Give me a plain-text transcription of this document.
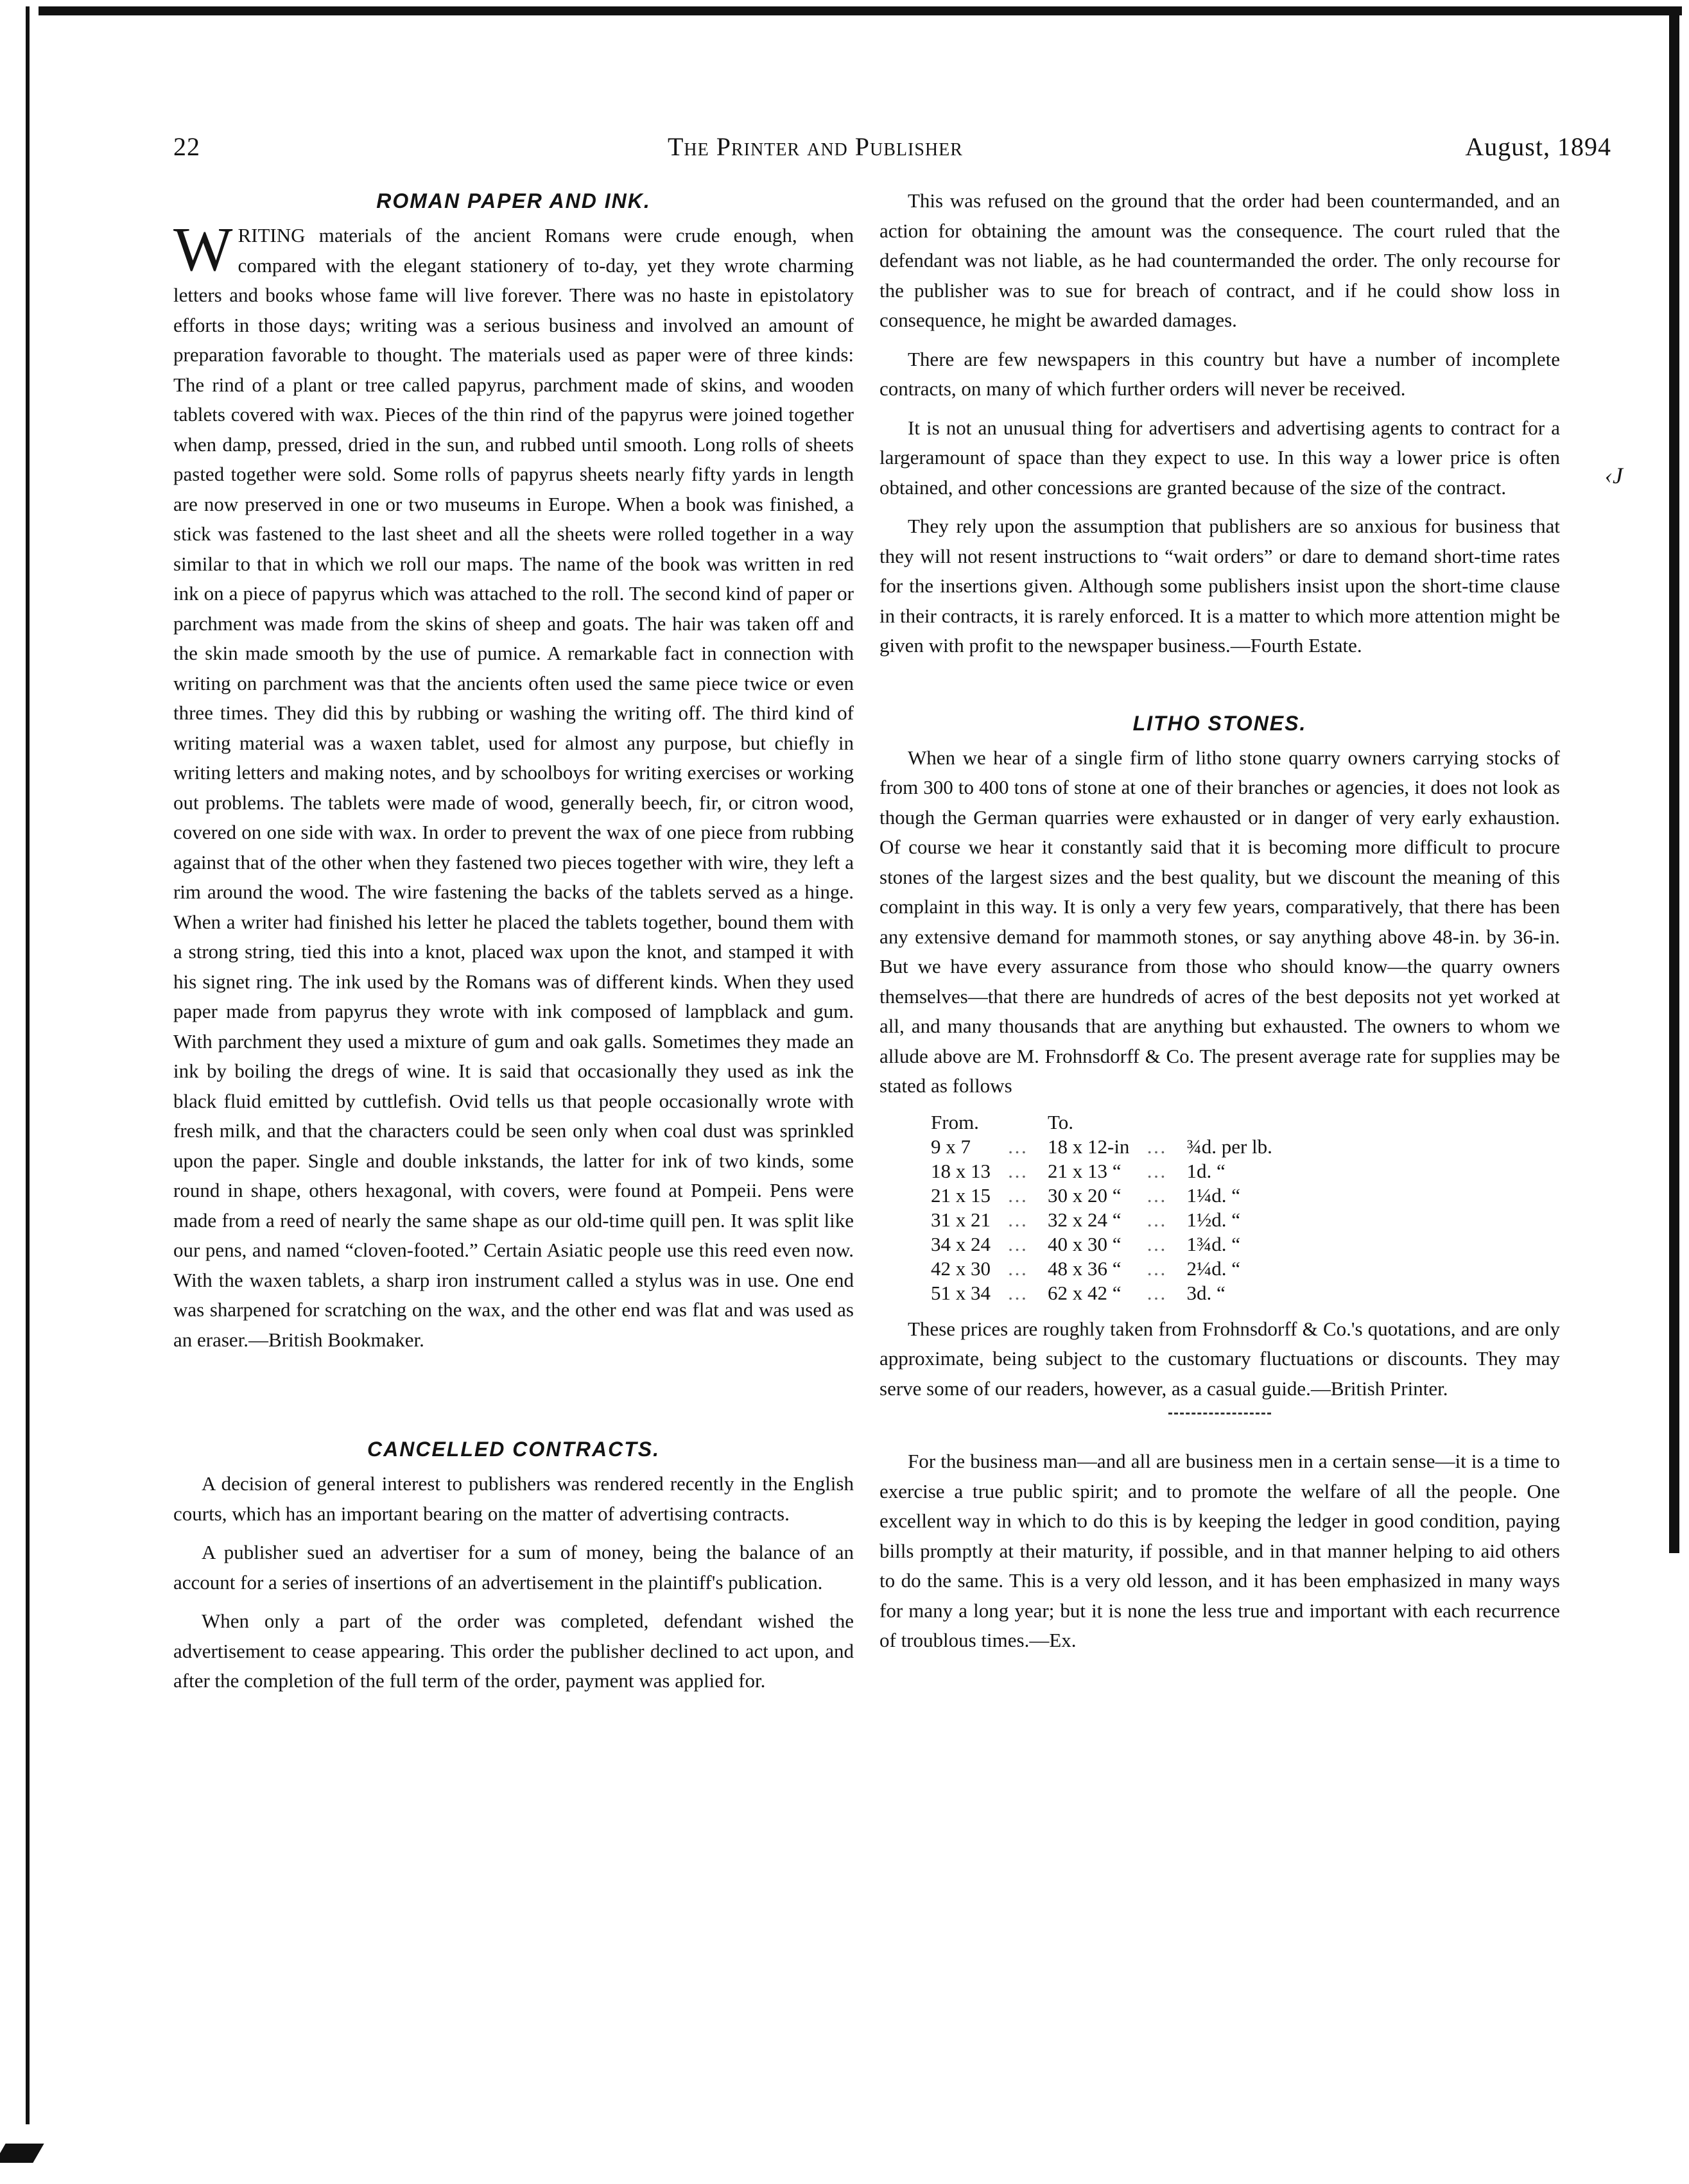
22	The Printer and Publisher	August, 1894
‹J
ROMAN PAPER AND INK.

WRITING materials of the ancient Romans were crude enough, when compared with the elegant stationery of to-day, yet they wrote charming letters and books whose fame will live forever. There was no haste in epistolatory efforts in those days; writing was a serious business and involved an amount of preparation favorable to thought. The materials used as paper were of three kinds: The rind of a plant or tree called papyrus, parchment made of skins, and wooden tablets covered with wax. Pieces of the thin rind of the papyrus were joined together when damp, pressed, dried in the sun, and rubbed until smooth. Long rolls of sheets pasted together were sold. Some rolls of papyrus sheets nearly fifty yards in length are now preserved in one or two museums in Europe. When a book was finished, a stick was fastened to the last sheet and all the sheets were rolled together in a way similar to that in which we roll our maps. The name of the book was written in red ink on a piece of papyrus which was attached to the roll. The second kind of paper or parchment was made from the skins of sheep and goats. The hair was taken off and the skin made smooth by the use of pumice. A remarkable fact in connection with writing on parchment was that the ancients often used the same piece twice or even three times. They did this by rubbing or washing the writing off. The third kind of writing material was a waxen tablet, used for almost any purpose, but chiefly in writing letters and making notes, and by schoolboys for writing exercises or working out problems. The tablets were made of wood, generally beech, fir, or citron wood, covered on one side with wax. In order to prevent the wax of one piece from rubbing against that of the other when they fastened two pieces together with wire, they left a rim around the wood. The wire fastening the backs of the tablets served as a hinge. When a writer had finished his letter he placed the tablets together, bound them with a strong string, tied this into a knot, placed wax upon the knot, and stamped it with his signet ring. The ink used by the Romans was of different kinds. When they used paper made from papyrus they wrote with ink composed of lampblack and gum. With parchment they used a mixture of gum and oak galls. Sometimes they made an ink by boiling the dregs of wine. It is said that occasionally they used as ink the black fluid emitted by cuttlefish. Ovid tells us that people occasionally wrote with fresh milk, and that the characters could be seen only when coal dust was sprinkled upon the paper. Single and double inkstands, the latter for ink of two kinds, some round in shape, others hexagonal, with covers, were found at Pompeii. Pens were made from a reed of nearly the same shape as our old-time quill pen. It was split like our pens, and named “cloven-footed.” Certain Asiatic people use this reed even now. With the waxen tablets, a sharp iron instrument called a stylus was in use. One end was sharpened for scratching on the wax, and the other end was flat and was used as an eraser.—British Bookmaker.

CANCELLED CONTRACTS.

A decision of general interest to publishers was rendered recently in the English courts, which has an important bearing on the matter of advertising contracts.

A publisher sued an advertiser for a sum of money, being the balance of an account for a series of insertions of an advertisement in the plaintiff's publication.

When only a part of the order was completed, defendant wished the advertisement to cease appearing. This order the publisher declined to act upon, and after the completion of the full term of the order, payment was applied for.

This was refused on the ground that the order had been countermanded, and an action for obtaining the amount was the consequence. The court ruled that the defendant was not liable, as he had countermanded the order. The only recourse for the publisher was to sue for breach of contract, and if he could show loss in consequence, he might be awarded damages.

There are few newspapers in this country but have a number of incomplete contracts, on many of which further orders will never be received.

It is not an unusual thing for advertisers and advertising agents to contract for a largeramount of space than they expect to use. In this way a lower price is often obtained, and other concessions are granted because of the size of the contract.

They rely upon the assumption that publishers are so anxious for business that they will not resent instructions to “wait orders” or dare to demand short-time rates for the insertions given. Although some publishers insist upon the short-time clause in their contracts, it is rarely enforced. It is a matter to which more attention might be given with profit to the newspaper business.—Fourth Estate.

LITHO STONES.

When we hear of a single firm of litho stone quarry owners carrying stocks of from 300 to 400 tons of stone at one of their branches or agencies, it does not look as though the German quarries were exhausted or in danger of very early exhaustion. Of course we hear it constantly said that it is becoming more difficult to procure stones of the largest sizes and the best quality, but we discount the meaning of this complaint in this way. It is only a very few years, comparatively, that there has been any extensive demand for mammoth stones, or say anything above 48-in. by 36-in. But we have every assurance from those who should know—the quarry owners themselves—that there are hundreds of acres of the best deposits not yet worked at all, and many thousands that are anything but exhausted. The owners to whom we allude above are M. Frohnsdorff & Co. The present average rate for supplies may be stated as follows

From.		To.		
9 x 7	…	18 x 12-in	…	¾d. per lb.
18 x 13	…	21 x 13 “	…	1d. “
21 x 15	…	30 x 20 “	…	1¼d. “
31 x 21	…	32 x 24 “	…	1½d. “
34 x 24	…	40 x 30 “	…	1¾d. “
42 x 30	…	48 x 36 “	…	2¼d. “
51 x 34	…	62 x 42 “	…	3d. “

These prices are roughly taken from Frohnsdorff & Co.'s quotations, and are only approximate, being subject to the customary fluctuations or discounts. They may serve some of our readers, however, as a casual guide.—British Printer.

For the business man—and all are business men in a certain sense—it is a time to exercise a true public spirit; and to promote the welfare of all the people. One excellent way in which to do this is by keeping the ledger in good condition, paying bills promptly at their maturity, if possible, and in that manner helping to aid others to do the same. This is a very old lesson, and it has been emphasized in many ways for many a long year; but it is none the less true and important with each recurrence of troublous times.—Ex.
